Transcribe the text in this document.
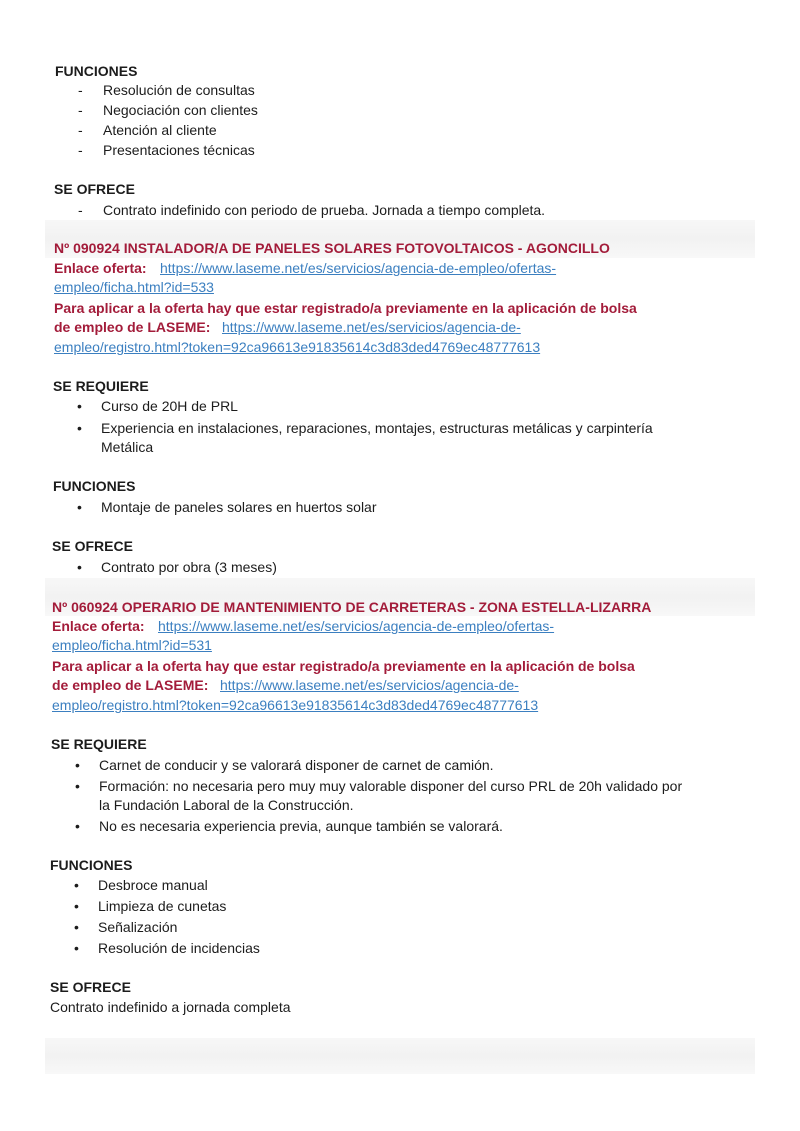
FUNCIONES
- Resolución de consultas
- Negociación con clientes
- Atención al cliente
- Presentaciones técnicas
SE OFRECE
- Contrato indefinido con periodo de prueba. Jornada a tiempo completa.
Nº 090924 INSTALADOR/A DE PANELES SOLARES FOTOVOLTAICOS - AGONCILLO
Enlace oferta: https://www.laseme.net/es/servicios/agencia-de-empleo/ofertas-
empleo/ficha.html?id=533
Para aplicar a la oferta hay que estar registrado/a previamente en la aplicación de bolsa
de empleo de LASEME: https://www.laseme.net/es/servicios/agencia-de-
empleo/registro.html?token=92ca96613e91835614c3d83ded4769ec48777613
SE REQUIERE
• Curso de 20H de PRL
• Experiencia en instalaciones, reparaciones, montajes, estructuras metálicas y carpintería
Metálica
FUNCIONES
• Montaje de paneles solares en huertos solar
SE OFRECE
• Contrato por obra (3 meses)
Nº 060924 OPERARIO DE MANTENIMIENTO DE CARRETERAS - ZONA ESTELLA-LIZARRA
Enlace oferta: https://www.laseme.net/es/servicios/agencia-de-empleo/ofertas-
empleo/ficha.html?id=531
Para aplicar a la oferta hay que estar registrado/a previamente en la aplicación de bolsa
de empleo de LASEME: https://www.laseme.net/es/servicios/agencia-de-
empleo/registro.html?token=92ca96613e91835614c3d83ded4769ec48777613
SE REQUIERE
• Carnet de conducir y se valorará disponer de carnet de camión.
• Formación: no necesaria pero muy muy valorable disponer del curso PRL de 20h validado por
la Fundación Laboral de la Construcción.
• No es necesaria experiencia previa, aunque también se valorará.
FUNCIONES
• Desbroce manual
• Limpieza de cunetas
• Señalización
• Resolución de incidencias
SE OFRECE
Contrato indefinido a jornada completa
